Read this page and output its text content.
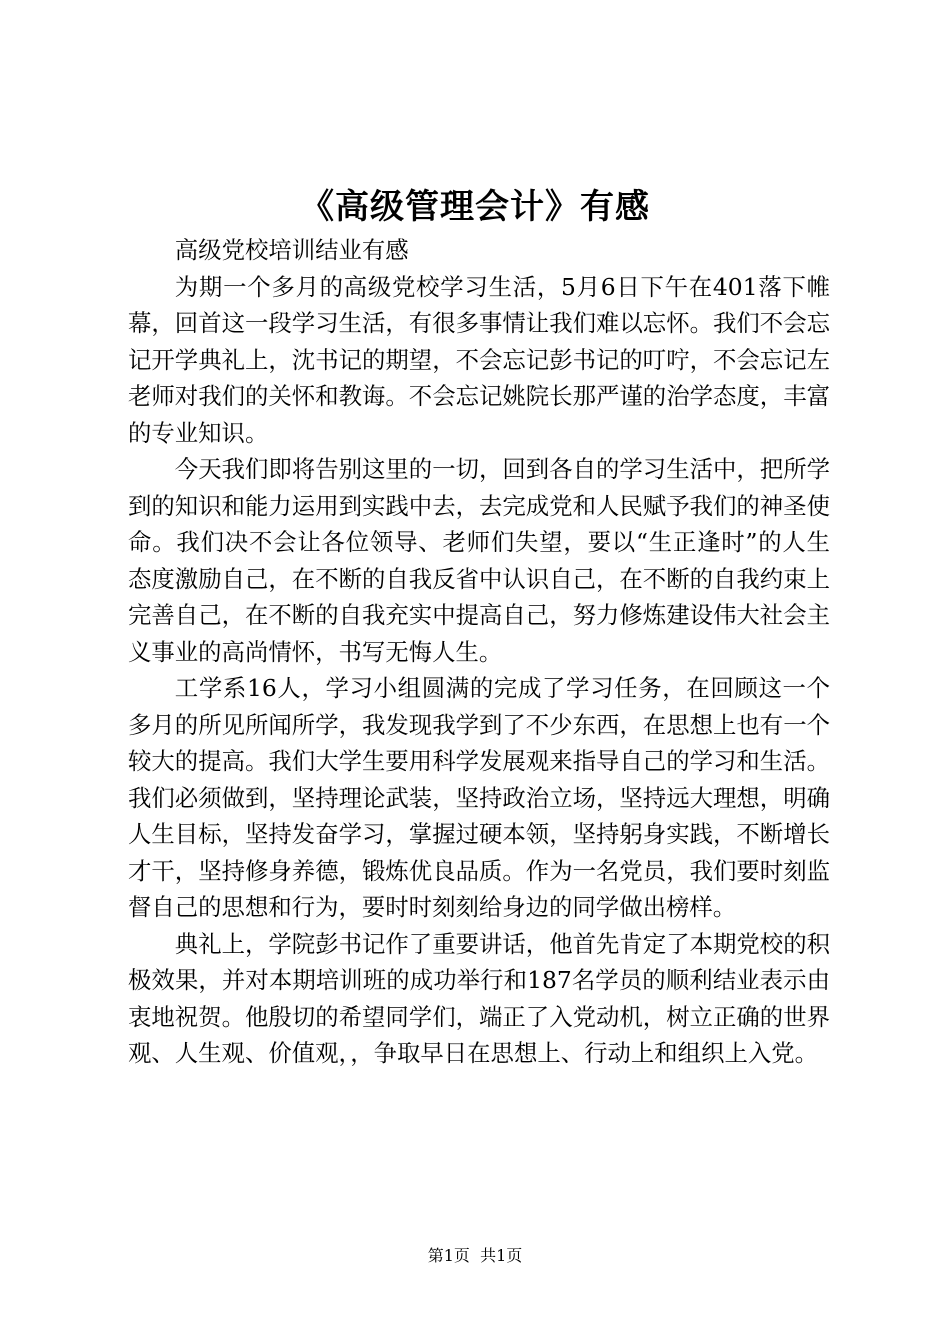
《高级管理会计》有感

高级党校培训结业有感

为期一个多月的高级党校学习生活，5月6日下午在401落下帷幕，回首这一段学习生活，有很多事情让我们难以忘怀。我们不会忘记开学典礼上，沈书记的期望，不会忘记彭书记的叮咛，不会忘记左老师对我们的关怀和教诲。不会忘记姚院长那严谨的治学态度，丰富的专业知识。

今天我们即将告别这里的一切，回到各自的学习生活中，把所学到的知识和能力运用到实践中去，去完成党和人民赋予我们的神圣使命。我们决不会让各位领导、老师们失望，要以“生正逢时”的人生态度激励自己，在不断的自我反省中认识自己，在不断的自我约束上完善自己，在不断的自我充实中提高自己，努力修炼建设伟大社会主义事业的高尚情怀，书写无悔人生。

工学系16人，学习小组圆满的完成了学习任务，在回顾这一个多月的所见所闻所学，我发现我学到了不少东西，在思想上也有一个较大的提高。我们大学生要用科学发展观来指导自己的学习和生活。我们必须做到，坚持理论武装，坚持政治立场，坚持远大理想，明确人生目标，坚持发奋学习，掌握过硬本领，坚持躬身实践，不断增长才干，坚持修身养德，锻炼优良品质。作为一名党员，我们要时刻监督自己的思想和行为，要时时刻刻给身边的同学做出榜样。

典礼上，学院彭书记作了重要讲话，他首先肯定了本期党校的积极效果，并对本期培训班的成功举行和187名学员的顺利结业表示由衷地祝贺。他殷切的希望同学们，端正了入党动机，树立正确的世界观、人生观、价值观，，争取早日在思想上、行动上和组织上入党。

第1页 共1页
